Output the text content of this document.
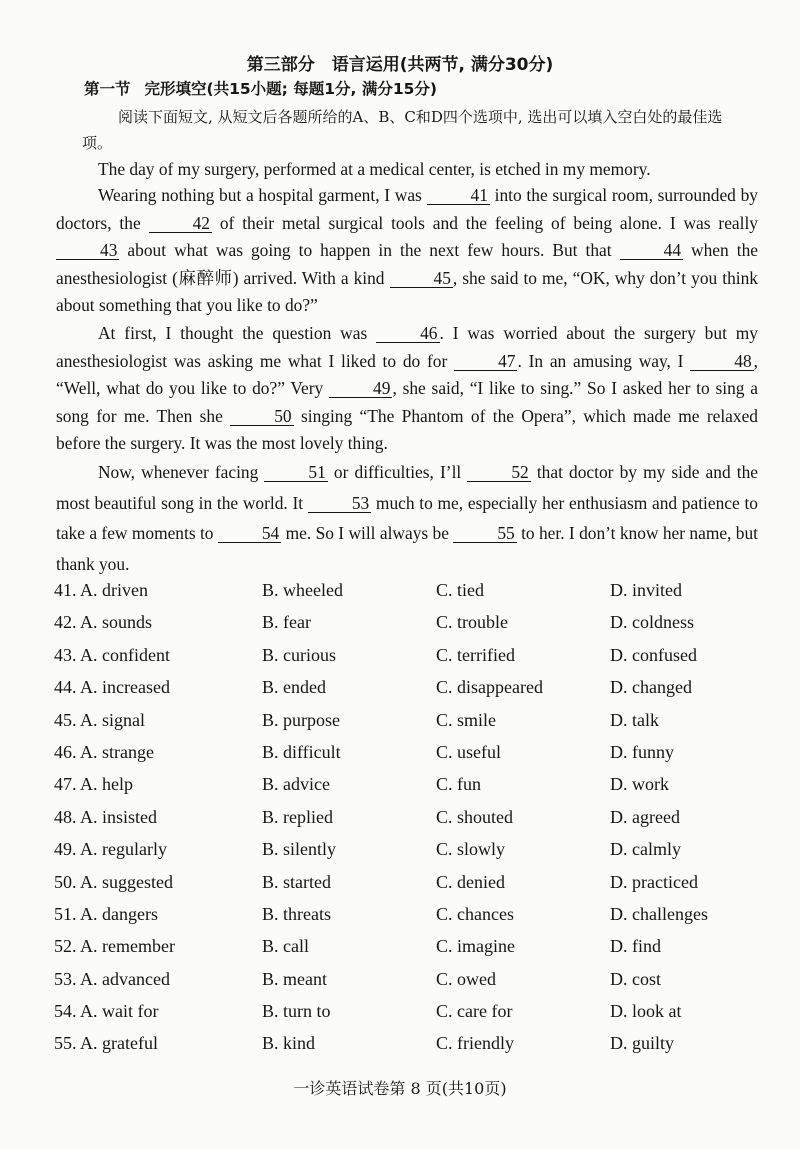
第三部分　语言运用(共两节, 满分30分)
第一节 完形填空(共15小题; 每题1分, 满分15分)
阅读下面短文, 从短文后各题所给的A、B、C和D四个选项中, 选出可以填入空白处的最佳选项。

The day of my surgery, performed at a medical center, is etched in my memory.

Wearing nothing but a hospital garment, I was	41 into the surgical room, surrounded by doctors, the	42 of their metal surgical tools and the feeling of being alone. I was really 43 about what was going to happen in the next few hours. But that	44 when the anesthesiologist (麻醉师) arrived. With a kind	45 , she said to me, “OK, why don’t you think about something that you like to do?”

At first, I thought the question was	46 . I was worried about the surgery but my anesthesiologist was asking me what I liked to do for	47 . In an amusing way, I	48 , “Well, what do you like to do?” Very	49 , she said, “I like to sing.” So I asked her to sing a song for me. Then she	50 singing “The Phantom of the Opera”, which made me relaxed before the surgery. It was the most lovely thing.

Now, whenever facing	51 or difficulties, I’ll	52 that doctor by my side and the most beautiful song in the world. It	53 much to me, especially her enthusiasm and patience to take a few moments to	54 me. So I will always be	55 to her. I don’t know her name, but thank you.

41. A. driven	B. wheeled	C. tied	D. invited
42. A. sounds	B. fear	C. trouble	D. coldness
43. A. confident	B. curious	C. terrified	D. confused
44. A. increased	B. ended	C. disappeared	D. changed
45. A. signal	B. purpose	C. smile	D. talk
46. A. strange	B. difficult	C. useful	D. funny
47. A. help	B. advice	C. fun	D. work
48. A. insisted	B. replied	C. shouted	D. agreed
49. A. regularly	B. silently	C. slowly	D. calmly
50. A. suggested	B. started	C. denied	D. practiced
51. A. dangers	B. threats	C. chances	D. challenges
52. A. remember	B. call	C. imagine	D. find
53. A. advanced	B. meant	C. owed	D. cost
54. A. wait for	B. turn to	C. care for	D. look at
55. A. grateful	B. kind	C. friendly	D. guilty
一诊英语试卷第 8 页(共10页)
